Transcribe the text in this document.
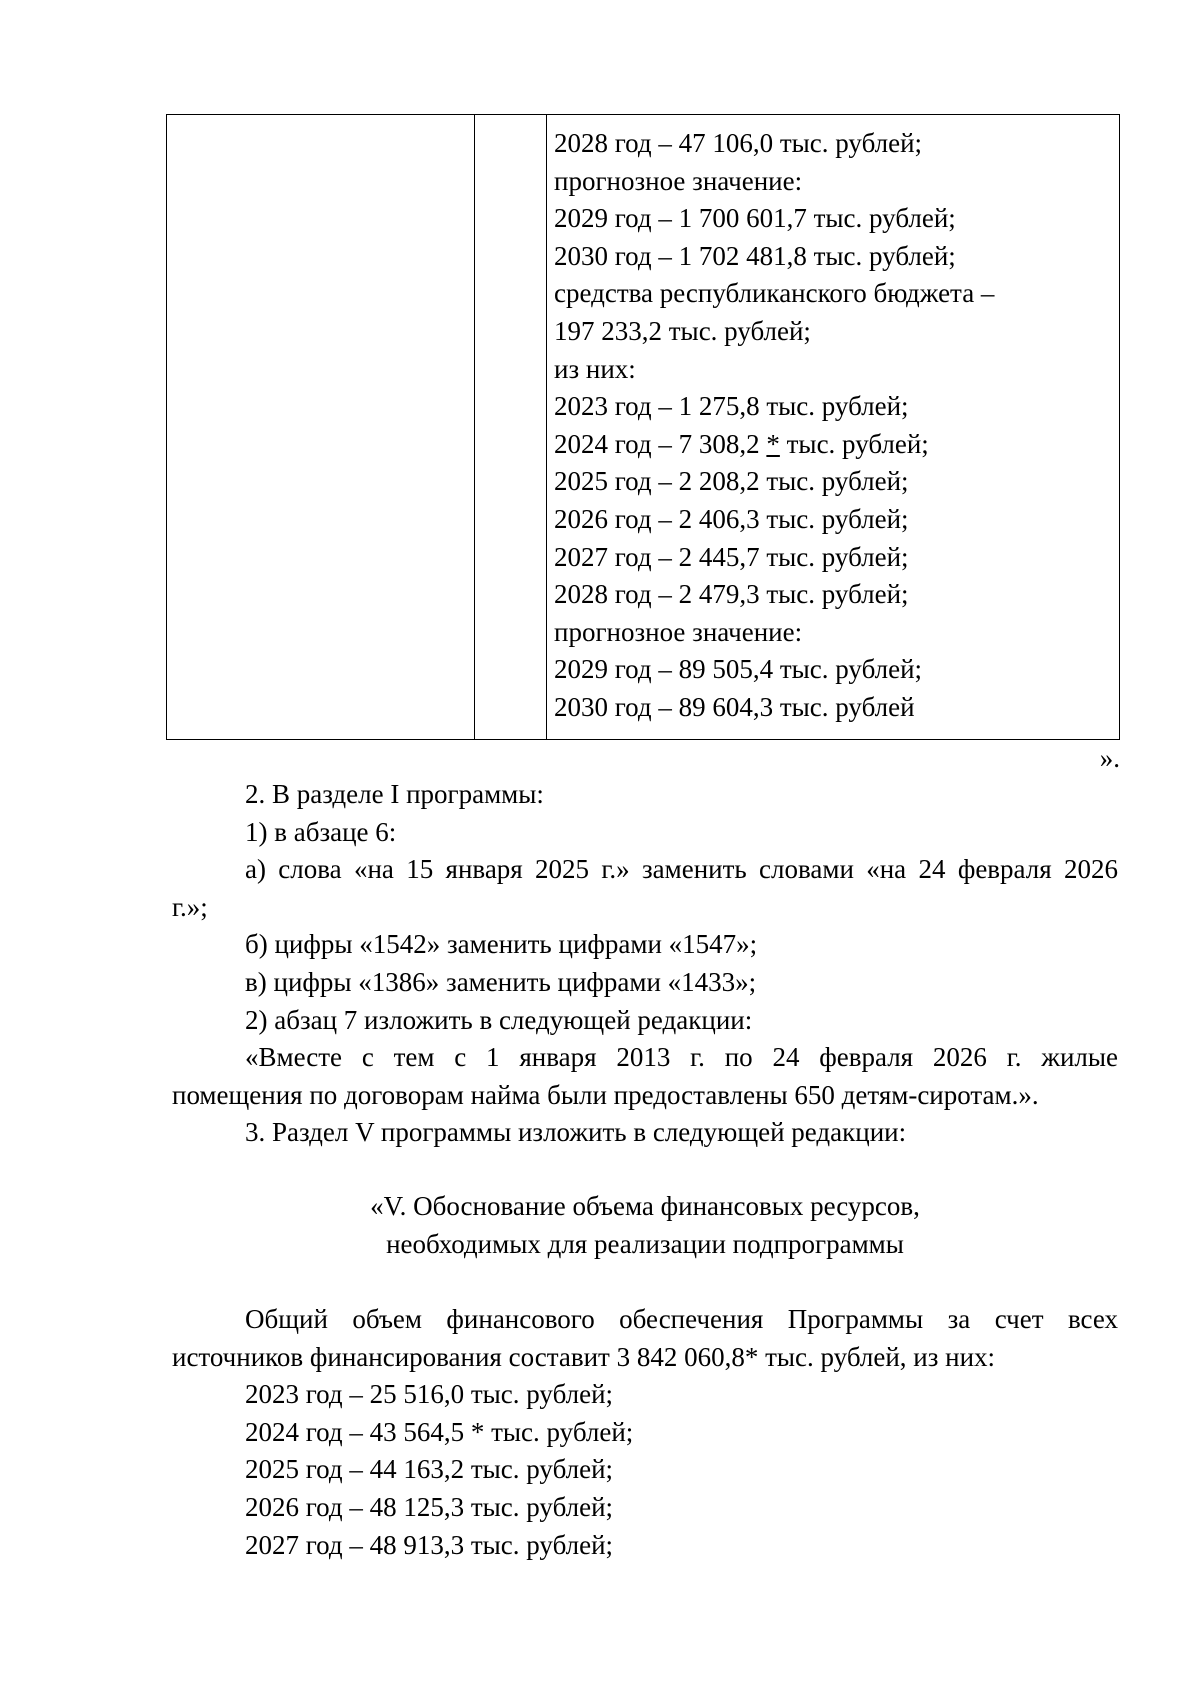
2028 год – 47 106,0 тыс. рублей;
прогнозное значение:
2029 год – 1 700 601,7 тыс. рублей;
2030 год – 1 702 481,8 тыс. рублей;
средства республиканского бюджета –
197 233,2 тыс. рублей;
из них:
2023 год – 1 275,8 тыс. рублей;
2024 год – 7 308,2 * тыс. рублей;
2025 год – 2 208,2 тыс. рублей;
2026 год – 2 406,3 тыс. рублей;
2027 год – 2 445,7 тыс. рублей;
2028 год – 2 479,3 тыс. рублей;
прогнозное значение:
2029 год – 89 505,4 тыс. рублей;
2030 год – 89 604,3 тыс. рублей
».
2. В разделе I программы:
1) в абзаце 6:
а) слова «на 15 января 2025 г.» заменить словами «на 24 февраля 2026
г.»;
б) цифры «1542» заменить цифрами «1547»;
в) цифры «1386» заменить цифрами «1433»;
2) абзац 7 изложить в следующей редакции:
«Вместе с тем с 1 января 2013 г. по 24 февраля 2026 г. жилые
помещения по договорам найма были предоставлены 650 детям-сиротам.».
3. Раздел V программы изложить в следующей редакции:
«V. Обоснование объема финансовых ресурсов,
необходимых для реализации подпрограммы
Общий объем финансового обеспечения Программы за счет всех
источников финансирования составит 3 842 060,8* тыс. рублей, из них:
2023 год – 25 516,0 тыс. рублей;
2024 год – 43 564,5 * тыс. рублей;
2025 год – 44 163,2 тыс. рублей;
2026 год – 48 125,3 тыс. рублей;
2027 год – 48 913,3 тыс. рублей;
